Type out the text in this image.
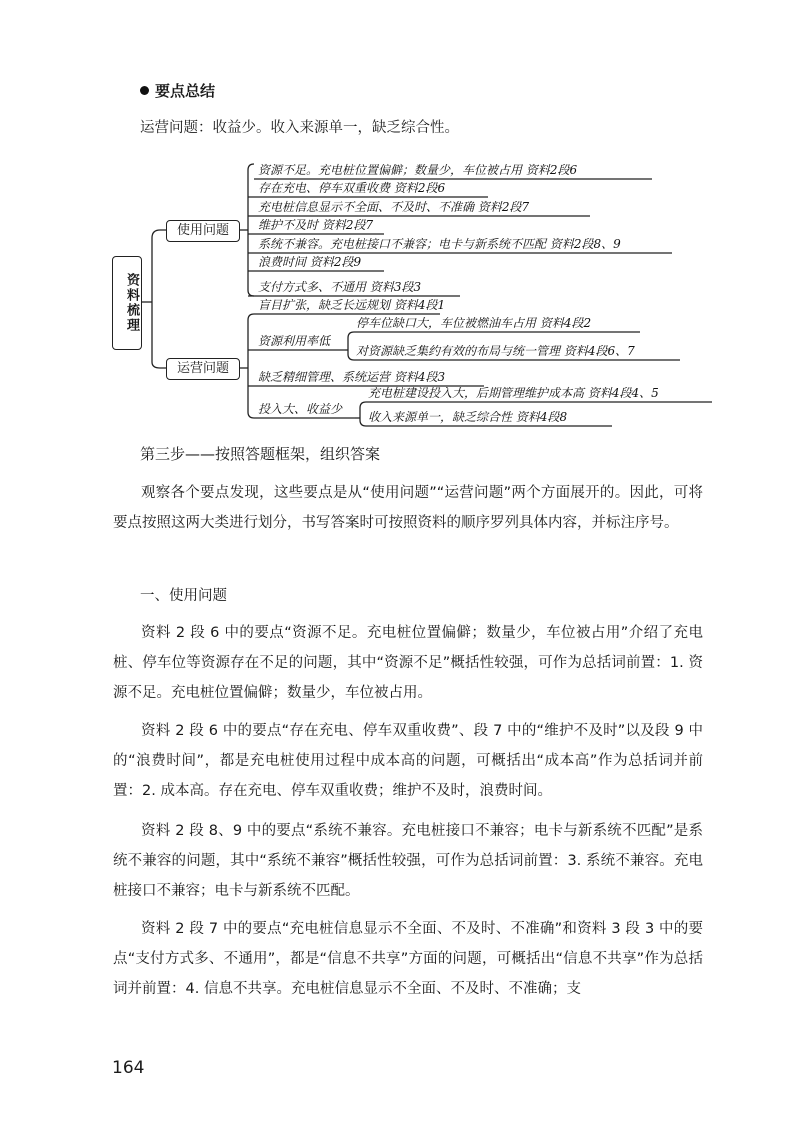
要点总结
运营问题：收益少。收入来源单一，缺乏综合性。
资料梳理
使用问题
运营问题
资源不足。充电桩位置偏僻；数量少，车位被占用 资料2段6
存在充电、停车双重收费 资料2段6
充电桩信息显示不全面、不及时、不准确 资料2段7
维护不及时 资料2段7
系统不兼容。充电桩接口不兼容；电卡与新系统不匹配 资料2段8、9
浪费时间 资料2段9
支付方式多、不通用 资料3段3
盲目扩张，缺乏长远规划 资料4段1
资源利用率低
停车位缺口大，车位被燃油车占用 资料4段2
对资源缺乏集约有效的布局与统一管理 资料4段6、7
缺乏精细管理、系统运营 资料4段3
投入大、收益少
充电桩建设投入大，后期管理维护成本高 资料4段4、5
收入来源单一，缺乏综合性 资料4段8
第三步——按照答题框架，组织答案
观察各个要点发现，这些要点是从“使用问题”“运营问题”两个方面展开的。因此，可将要点按照这两大类进行划分，书写答案时可按照资料的顺序罗列具体内容，并标注序号。
一、使用问题
资料 2 段 6 中的要点“资源不足。充电桩位置偏僻；数量少，车位被占用”介绍了充电桩、停车位等资源存在不足的问题，其中“资源不足”概括性较强，可作为总括词前置：1. 资源不足。充电桩位置偏僻；数量少，车位被占用。
资料 2 段 6 中的要点“存在充电、停车双重收费”、段 7 中的“维护不及时”以及段 9 中的“浪费时间”，都是充电桩使用过程中成本高的问题，可概括出“成本高”作为总括词并前置：2. 成本高。存在充电、停车双重收费；维护不及时，浪费时间。
资料 2 段 8、9 中的要点“系统不兼容。充电桩接口不兼容；电卡与新系统不匹配”是系统不兼容的问题，其中“系统不兼容”概括性较强，可作为总括词前置：3. 系统不兼容。充电桩接口不兼容；电卡与新系统不匹配。
资料 2 段 7 中的要点“充电桩信息显示不全面、不及时、不准确”和资料 3 段 3 中的要点“支付方式多、不通用”，都是“信息不共享”方面的问题，可概括出“信息不共享”作为总括词并前置：4. 信息不共享。充电桩信息显示不全面、不及时、不准确；支
164
